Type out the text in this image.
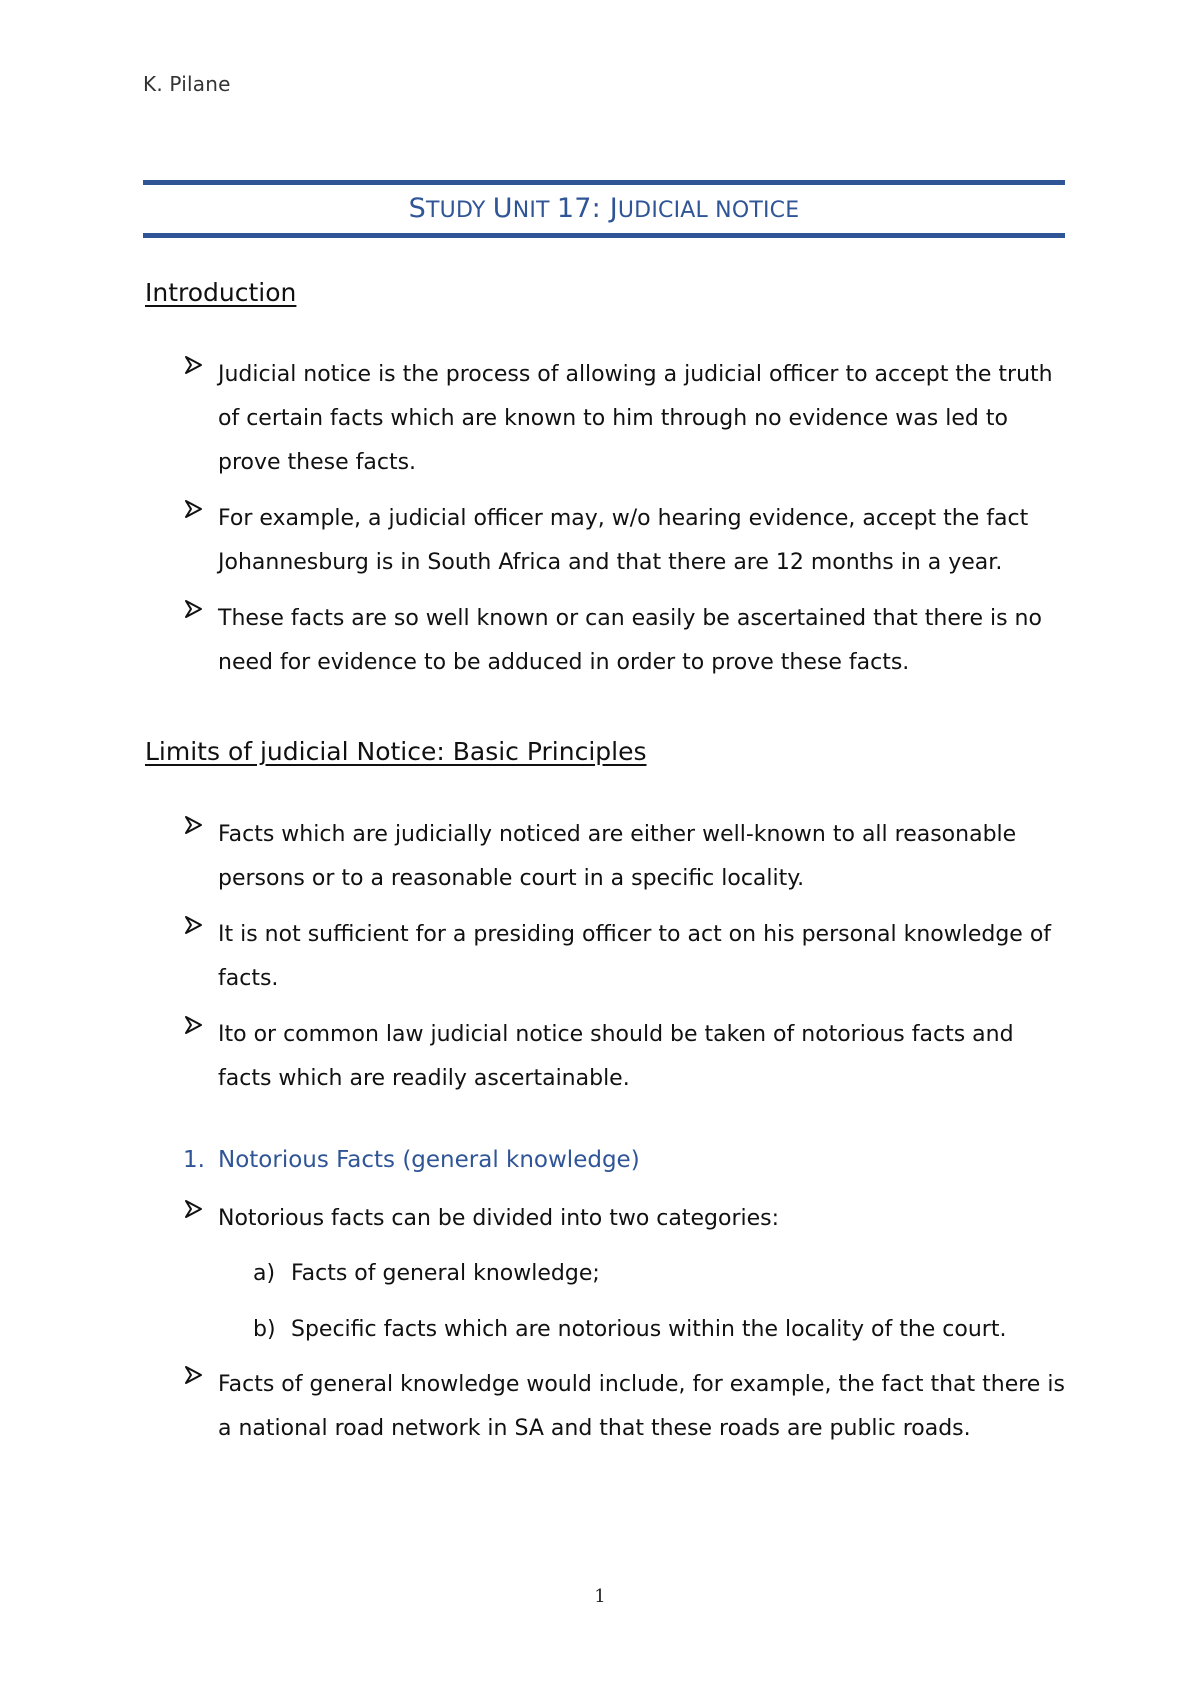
K. Pilane
STUDY UNIT 17: JUDICIAL NOTICE
Introduction
Judicial notice is the process of allowing a judicial officer to accept the truth of certain facts which are known to him through no evidence was led to prove these facts.
For example, a judicial officer may, w/o hearing evidence, accept the fact Johannesburg is in South Africa and that there are 12 months in a year.
These facts are so well known or can easily be ascertained that there is no need for evidence to be adduced in order to prove these facts.
Limits of judicial Notice: Basic Principles
Facts which are judicially noticed are either well-known to all reasonable persons or to a reasonable court in a specific locality.
It is not sufficient for a presiding officer to act on his personal knowledge of facts.
Ito or common law judicial notice should be taken of notorious facts and facts which are readily ascertainable.
1. Notorious Facts (general knowledge)
Notorious facts can be divided into two categories:
a) Facts of general knowledge;
b) Specific facts which are notorious within the locality of the court.
Facts of general knowledge would include, for example, the fact that there is a national road network in SA and that these roads are public roads.
1
